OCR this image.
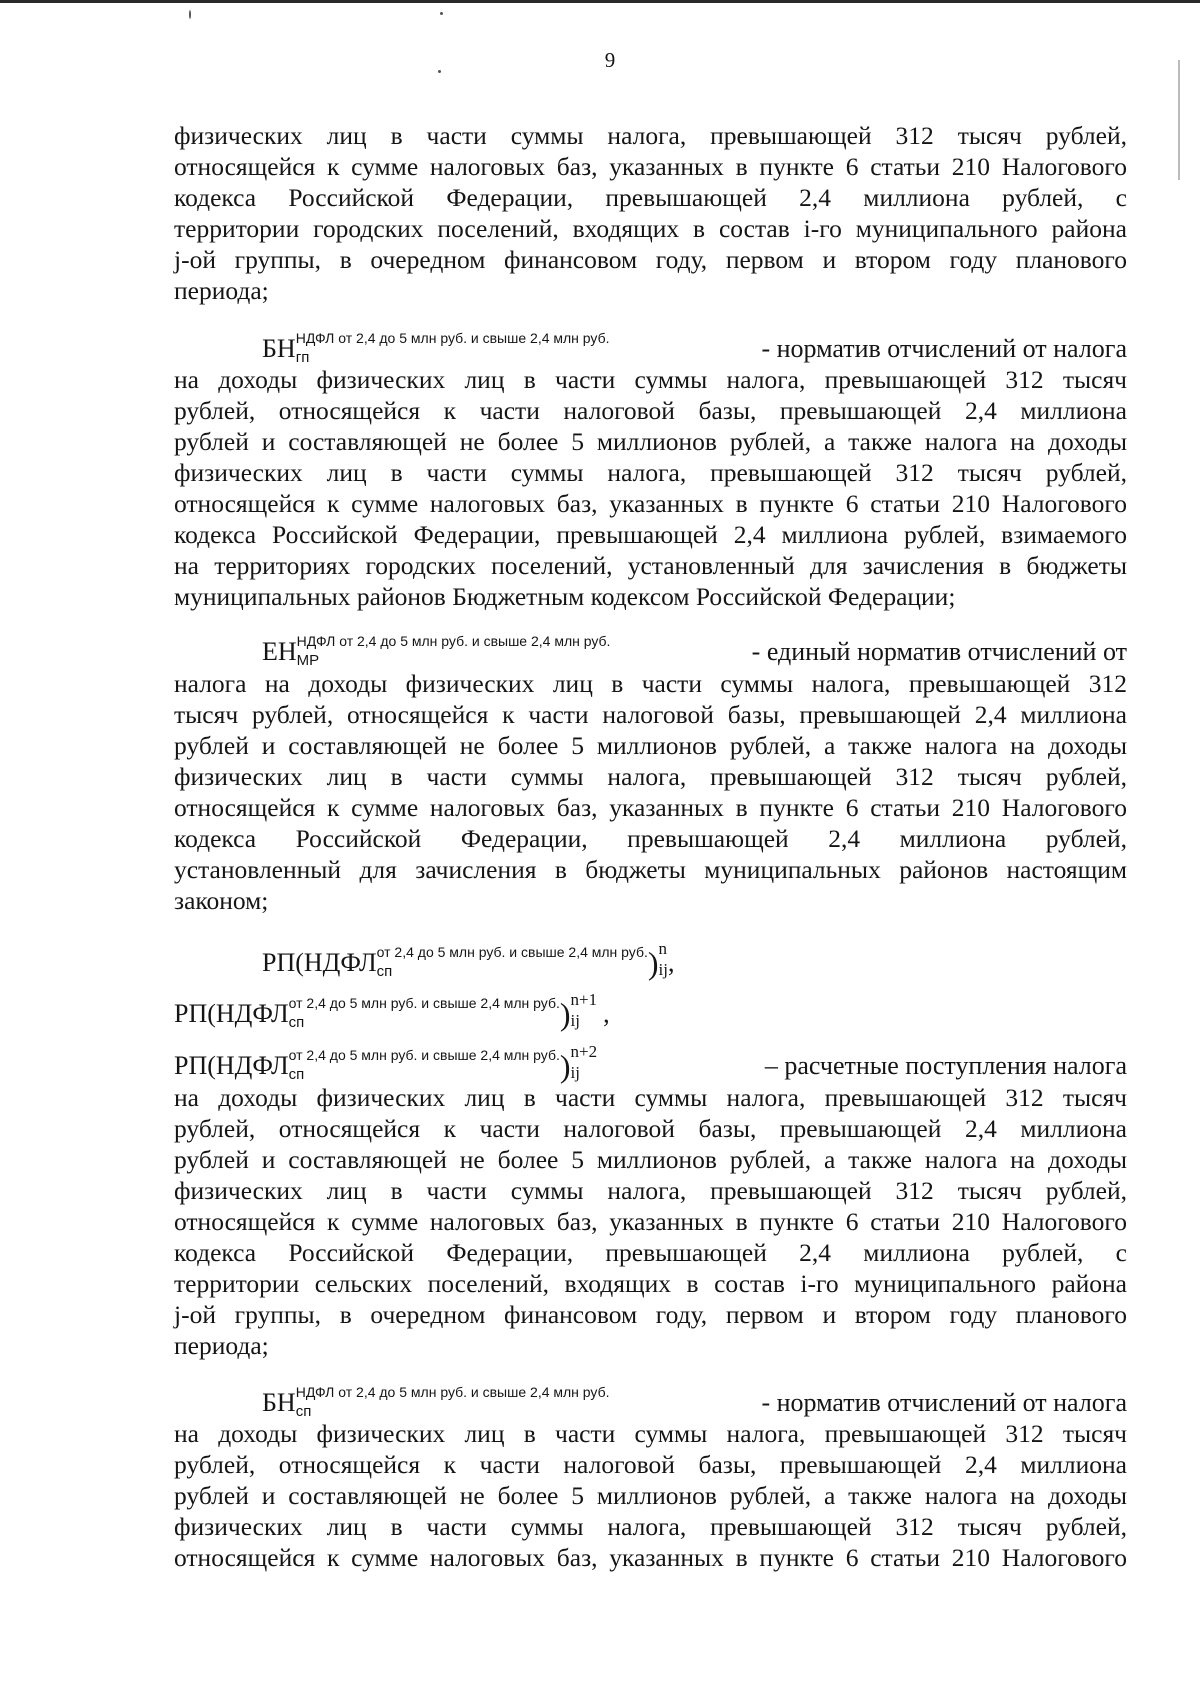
9
физических лиц в части суммы налога, превышающей 312 тысяч рублей,
относящейся к сумме налоговых баз, указанных в пункте 6 статьи 210 Налогового
кодекса Российской Федерации, превышающей 2,4 миллиона рублей, с
территории городских поселений, входящих в состав i-го муниципального района
j-ой группы, в очередном финансовом году, первом и втором году планового
периода;
БН НДФЛ от 2,4 до 5 млн руб. и свыше 2,4 млн руб.
гп	- норматив отчислений от налога
на доходы физических лиц в части суммы налога, превышающей 312 тысяч
рублей, относящейся к части налоговой базы, превышающей 2,4 миллиона
рублей и составляющей не более 5 миллионов рублей, а также налога на доходы
физических лиц в части суммы налога, превышающей 312 тысяч рублей,
относящейся к сумме налоговых баз, указанных в пункте 6 статьи 210 Налогового
кодекса Российской Федерации, превышающей 2,4 миллиона рублей, взимаемого
на территориях городских поселений, установленный для зачисления в бюджеты
муниципальных районов Бюджетным кодексом Российской Федерации;
ЕН НДФЛ от 2,4 до 5 млн руб. и свыше 2,4 млн руб.
МР	- единый норматив отчислений от
налога на доходы физических лиц в части суммы налога, превышающей 312
тысяч рублей, относящейся к части налоговой базы, превышающей 2,4 миллиона
рублей и составляющей не более 5 миллионов рублей, а также налога на доходы
физических лиц в части суммы налога, превышающей 312 тысяч рублей,
относящейся к сумме налоговых баз, указанных в пункте 6 статьи 210 Налогового
кодекса Российской Федерации, превышающей 2,4 миллиона рублей,
установленный для зачисления в бюджеты муниципальных районов настоящим
законом;
РП(НДФЛ от 2,4 до 5 млн руб. и свыше 2,4 млн руб.
сп	) n
ij ,
РП(НДФЛ от 2,4 до 5 млн руб. и свыше 2,4 млн руб.
сп	) n+1
ij ,
РП(НДФЛ от 2,4 до 5 млн руб. и свыше 2,4 млн руб.
сп	) n+2
ij	– расчетные поступления налога
на доходы физических лиц в части суммы налога, превышающей 312 тысяч
рублей, относящейся к части налоговой базы, превышающей 2,4 миллиона
рублей и составляющей не более 5 миллионов рублей, а также налога на доходы
физических лиц в части суммы налога, превышающей 312 тысяч рублей,
относящейся к сумме налоговых баз, указанных в пункте 6 статьи 210 Налогового
кодекса Российской Федерации, превышающей 2,4 миллиона рублей, с
территории сельских поселений, входящих в состав i-го муниципального района
j-ой группы, в очередном финансовом году, первом и втором году планового
периода;
БН НДФЛ от 2,4 до 5 млн руб. и свыше 2,4 млн руб.
сп	- норматив отчислений от налога
на доходы физических лиц в части суммы налога, превышающей 312 тысяч
рублей, относящейся к части налоговой базы, превышающей 2,4 миллиона
рублей и составляющей не более 5 миллионов рублей, а также налога на доходы
физических лиц в части суммы налога, превышающей 312 тысяч рублей,
относящейся к сумме налоговых баз, указанных в пункте 6 статьи 210 Налогового
